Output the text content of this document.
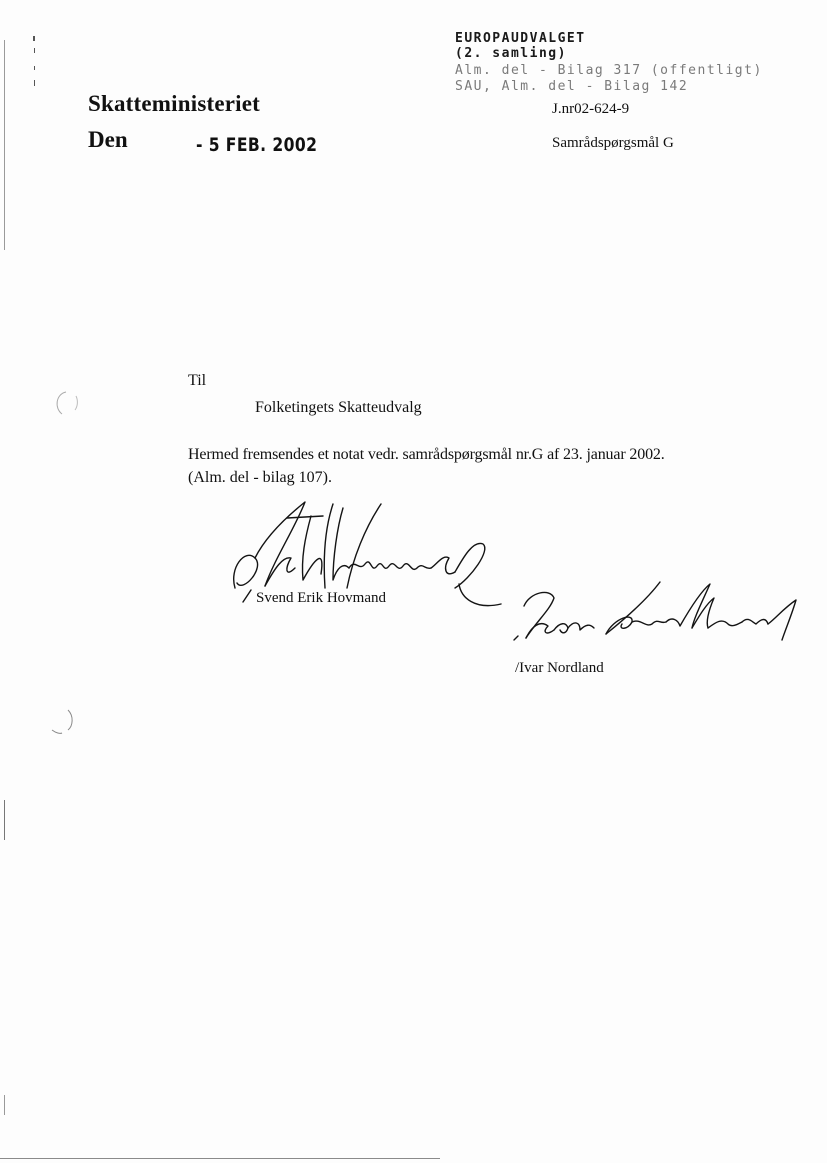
EUROPAUDVALGET
(2. samling)
Alm. del - Bilag 317 (offentligt)
SAU, Alm. del - Bilag 142
Skatteministeriet
Den	- 5 FEB. 2002
J.nr02-624-9
Samrådspørgsmål G
Til
Folketingets Skatteudvalg
Hermed fremsendes et notat vedr. samrådspørgsmål nr.G af 23. januar 2002.
(Alm. del - bilag 107).
Svend Erik Hovmand
/Ivar Nordland
